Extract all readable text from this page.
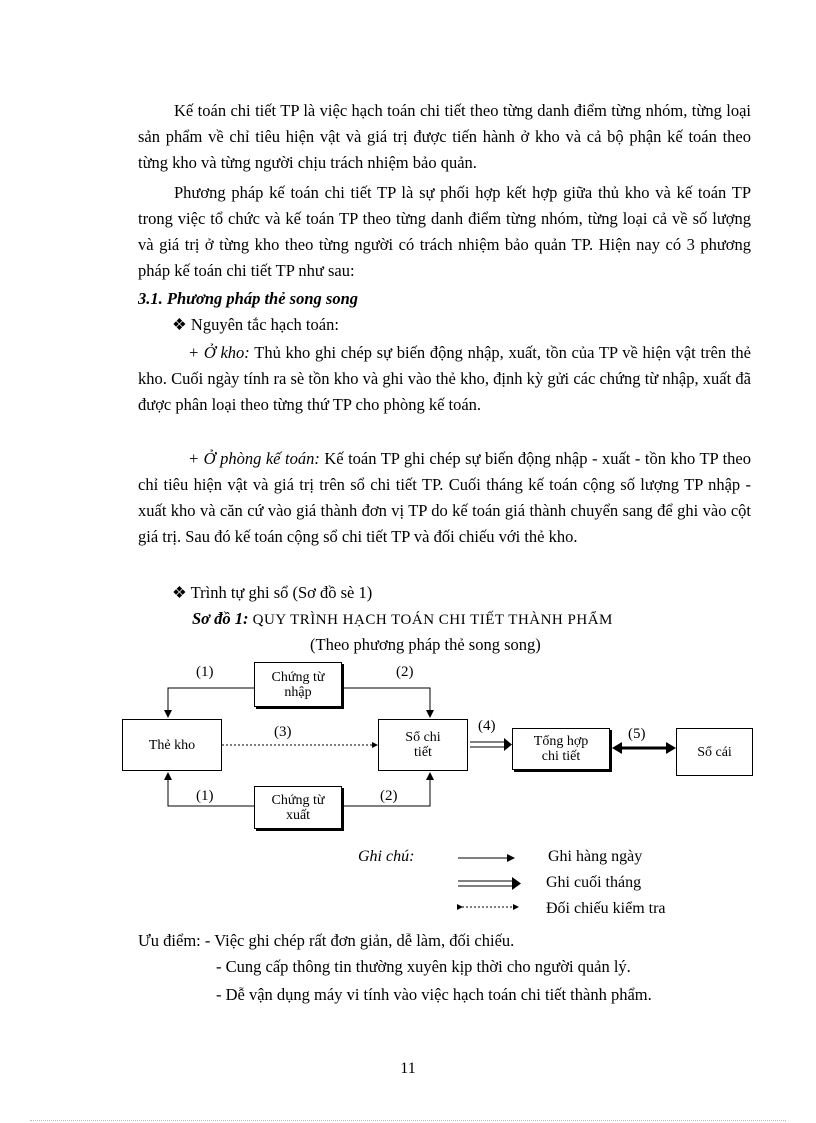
Kế toán chi tiết TP là việc hạch toán chi tiết theo từng danh điểm từng nhóm, từng loại sản phẩm về chỉ tiêu hiện vật và giá trị được tiến hành ở kho và cả bộ phận kế toán theo từng kho và từng người chịu trách nhiệm bảo quản.

Phương pháp kế toán chi tiết TP là sự phối hợp kết hợp giữa thủ kho và kế toán TP trong việc tổ chức và kế toán TP theo từng danh điểm từng nhóm, từng loại cả về số lượng và giá trị ở từng kho theo từng người có trách nhiệm bảo quản TP. Hiện nay có 3 phương pháp kế toán chi tiết TP như sau:

3.1. Phương pháp thẻ song song

❖ Nguyên tắc hạch toán:

+ Ở kho: Thủ kho ghi chép sự biến động nhập, xuất, tồn của TP về hiện vật trên thẻ kho. Cuối ngày tính ra sè tồn kho và ghi vào thẻ kho, định kỳ gửi các chứng từ nhập, xuất đã được phân loại theo từng thứ TP cho phòng kế toán.

+ Ở phòng kế toán: Kế toán TP ghi chép sự biến động nhập - xuất - tồn kho TP theo chỉ tiêu hiện vật và giá trị trên sổ chi tiết TP. Cuối tháng kế toán cộng số lượng TP nhập - xuất kho và căn cứ vào giá thành đơn vị TP do kế toán giá thành chuyển sang để ghi vào cột giá trị. Sau đó kế toán cộng sổ chi tiết TP và đối chiếu với thẻ kho.

❖ Trình tự ghi sổ (Sơ đồ sè 1)

Sơ đồ 1: QUY TRÌNH HẠCH TOÁN CHI TIẾT THÀNH PHẨM

(Theo phương pháp thẻ song song)

Chứng từ
nhập
Thẻ kho	Sổ chi
tiết
Tổng hợp
chi tiết	Sổ cái
Chứng từ
xuất
(1)	(2)
(3)	(4)	(5)
(1)	(2)
Ghi chú:	Ghi hàng ngày
Ghi cuối tháng
Đối chiếu kiểm tra

Ưu điểm: - Việc ghi chép rất đơn giản, dễ làm, đối chiếu.

- Cung cấp thông tin thường xuyên kịp thời cho người quản lý.

- Dễ vận dụng máy vi tính vào việc hạch toán chi tiết thành phẩm.

11
